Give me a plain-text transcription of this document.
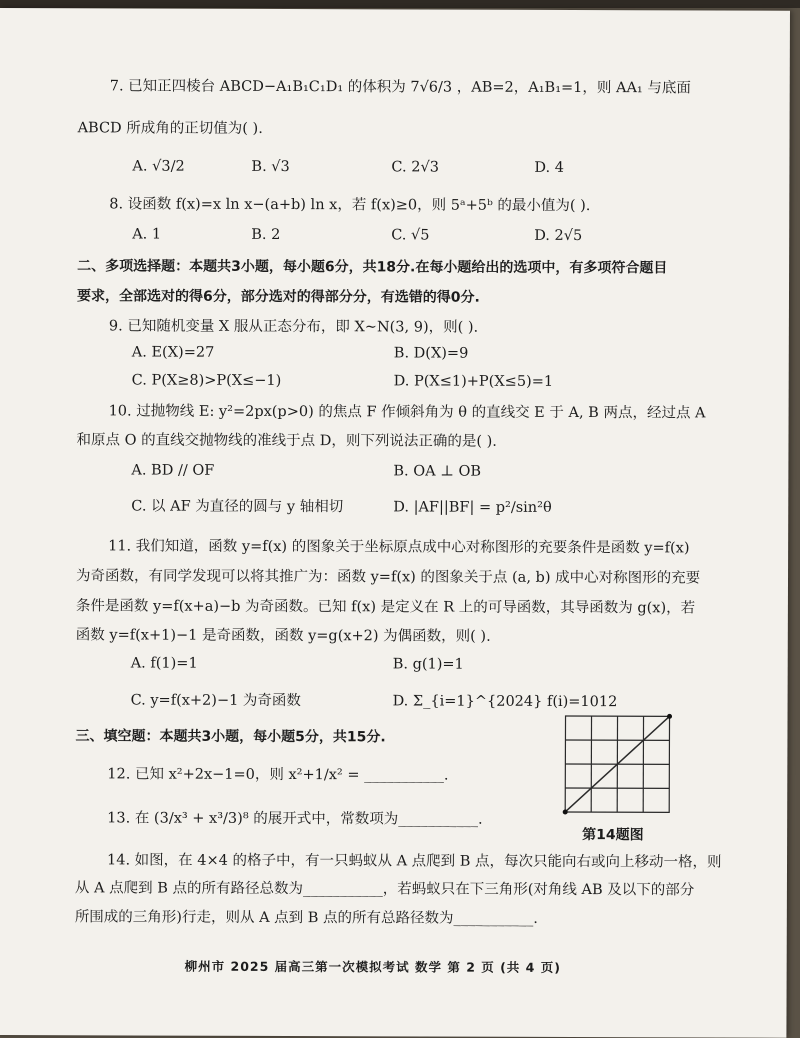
7. 已知正四棱台 ABCD−A₁B₁C₁D₁ 的体积为 7√6/3 ，AB=2，A₁B₁=1，则 AA₁ 与底面
ABCD 所成角的正切值为( ).
A. √3/2	B. √3	C. 2√3	D. 4
8. 设函数 f(x)=x ln x−(a+b) ln x，若 f(x)≥0，则 5ᵃ+5ᵇ 的最小值为( ).
A. 1	B. 2	C. √5	D. 2√5
二、多项选择题：本题共3小题，每小题6分，共18分.在每小题给出的选项中，有多项符合题目
要求，全部选对的得6分，部分选对的得部分分，有选错的得0分.
9. 已知随机变量 X 服从正态分布，即 X∼N(3, 9)，则( ).
A. E(X)=27	B. D(X)=9
C. P(X≥8)>P(X≤−1)	D. P(X≤1)+P(X≤5)=1
10. 过抛物线 E: y²=2px(p>0) 的焦点 F 作倾斜角为 θ 的直线交 E 于 A, B 两点，经过点 A
和原点 O 的直线交抛物线的准线于点 D，则下列说法正确的是( ).
A. BD // OF	B. OA ⊥ OB
C. 以 AF 为直径的圆与 y 轴相切	D. |AF||BF| = p²/sin²θ
11. 我们知道，函数 y=f(x) 的图象关于坐标原点成中心对称图形的充要条件是函数 y=f(x)
为奇函数，有同学发现可以将其推广为：函数 y=f(x) 的图象关于点 (a, b) 成中心对称图形的充要
条件是函数 y=f(x+a)−b 为奇函数。已知 f(x) 是定义在 R 上的可导函数，其导函数为 g(x)，若
函数 y=f(x+1)−1 是奇函数，函数 y=g(x+2) 为偶函数，则( ).
A. f(1)=1	B. g(1)=1
C. y=f(x+2)−1 为奇函数	D. Σ_{i=1}^{2024} f(i)=1012
三、填空题：本题共3小题，每小题5分，共15分.
12. 已知 x²+2x−1=0，则 x²+1/x² = ___________.
13. 在 (3/x³ + x³/3)⁸ 的展开式中，常数项为___________.
第14题图
14. 如图，在 4×4 的格子中，有一只蚂蚁从 A 点爬到 B 点，每次只能向右或向上移动一格，则
从 A 点爬到 B 点的所有路径总数为___________，若蚂蚁只在下三角形(对角线 AB 及以下的部分
所围成的三角形)行走，则从 A 点到 B 点的所有总路径数为___________.
柳州市 2025 届高三第一次模拟考试 数学 第 2 页 (共 4 页)
